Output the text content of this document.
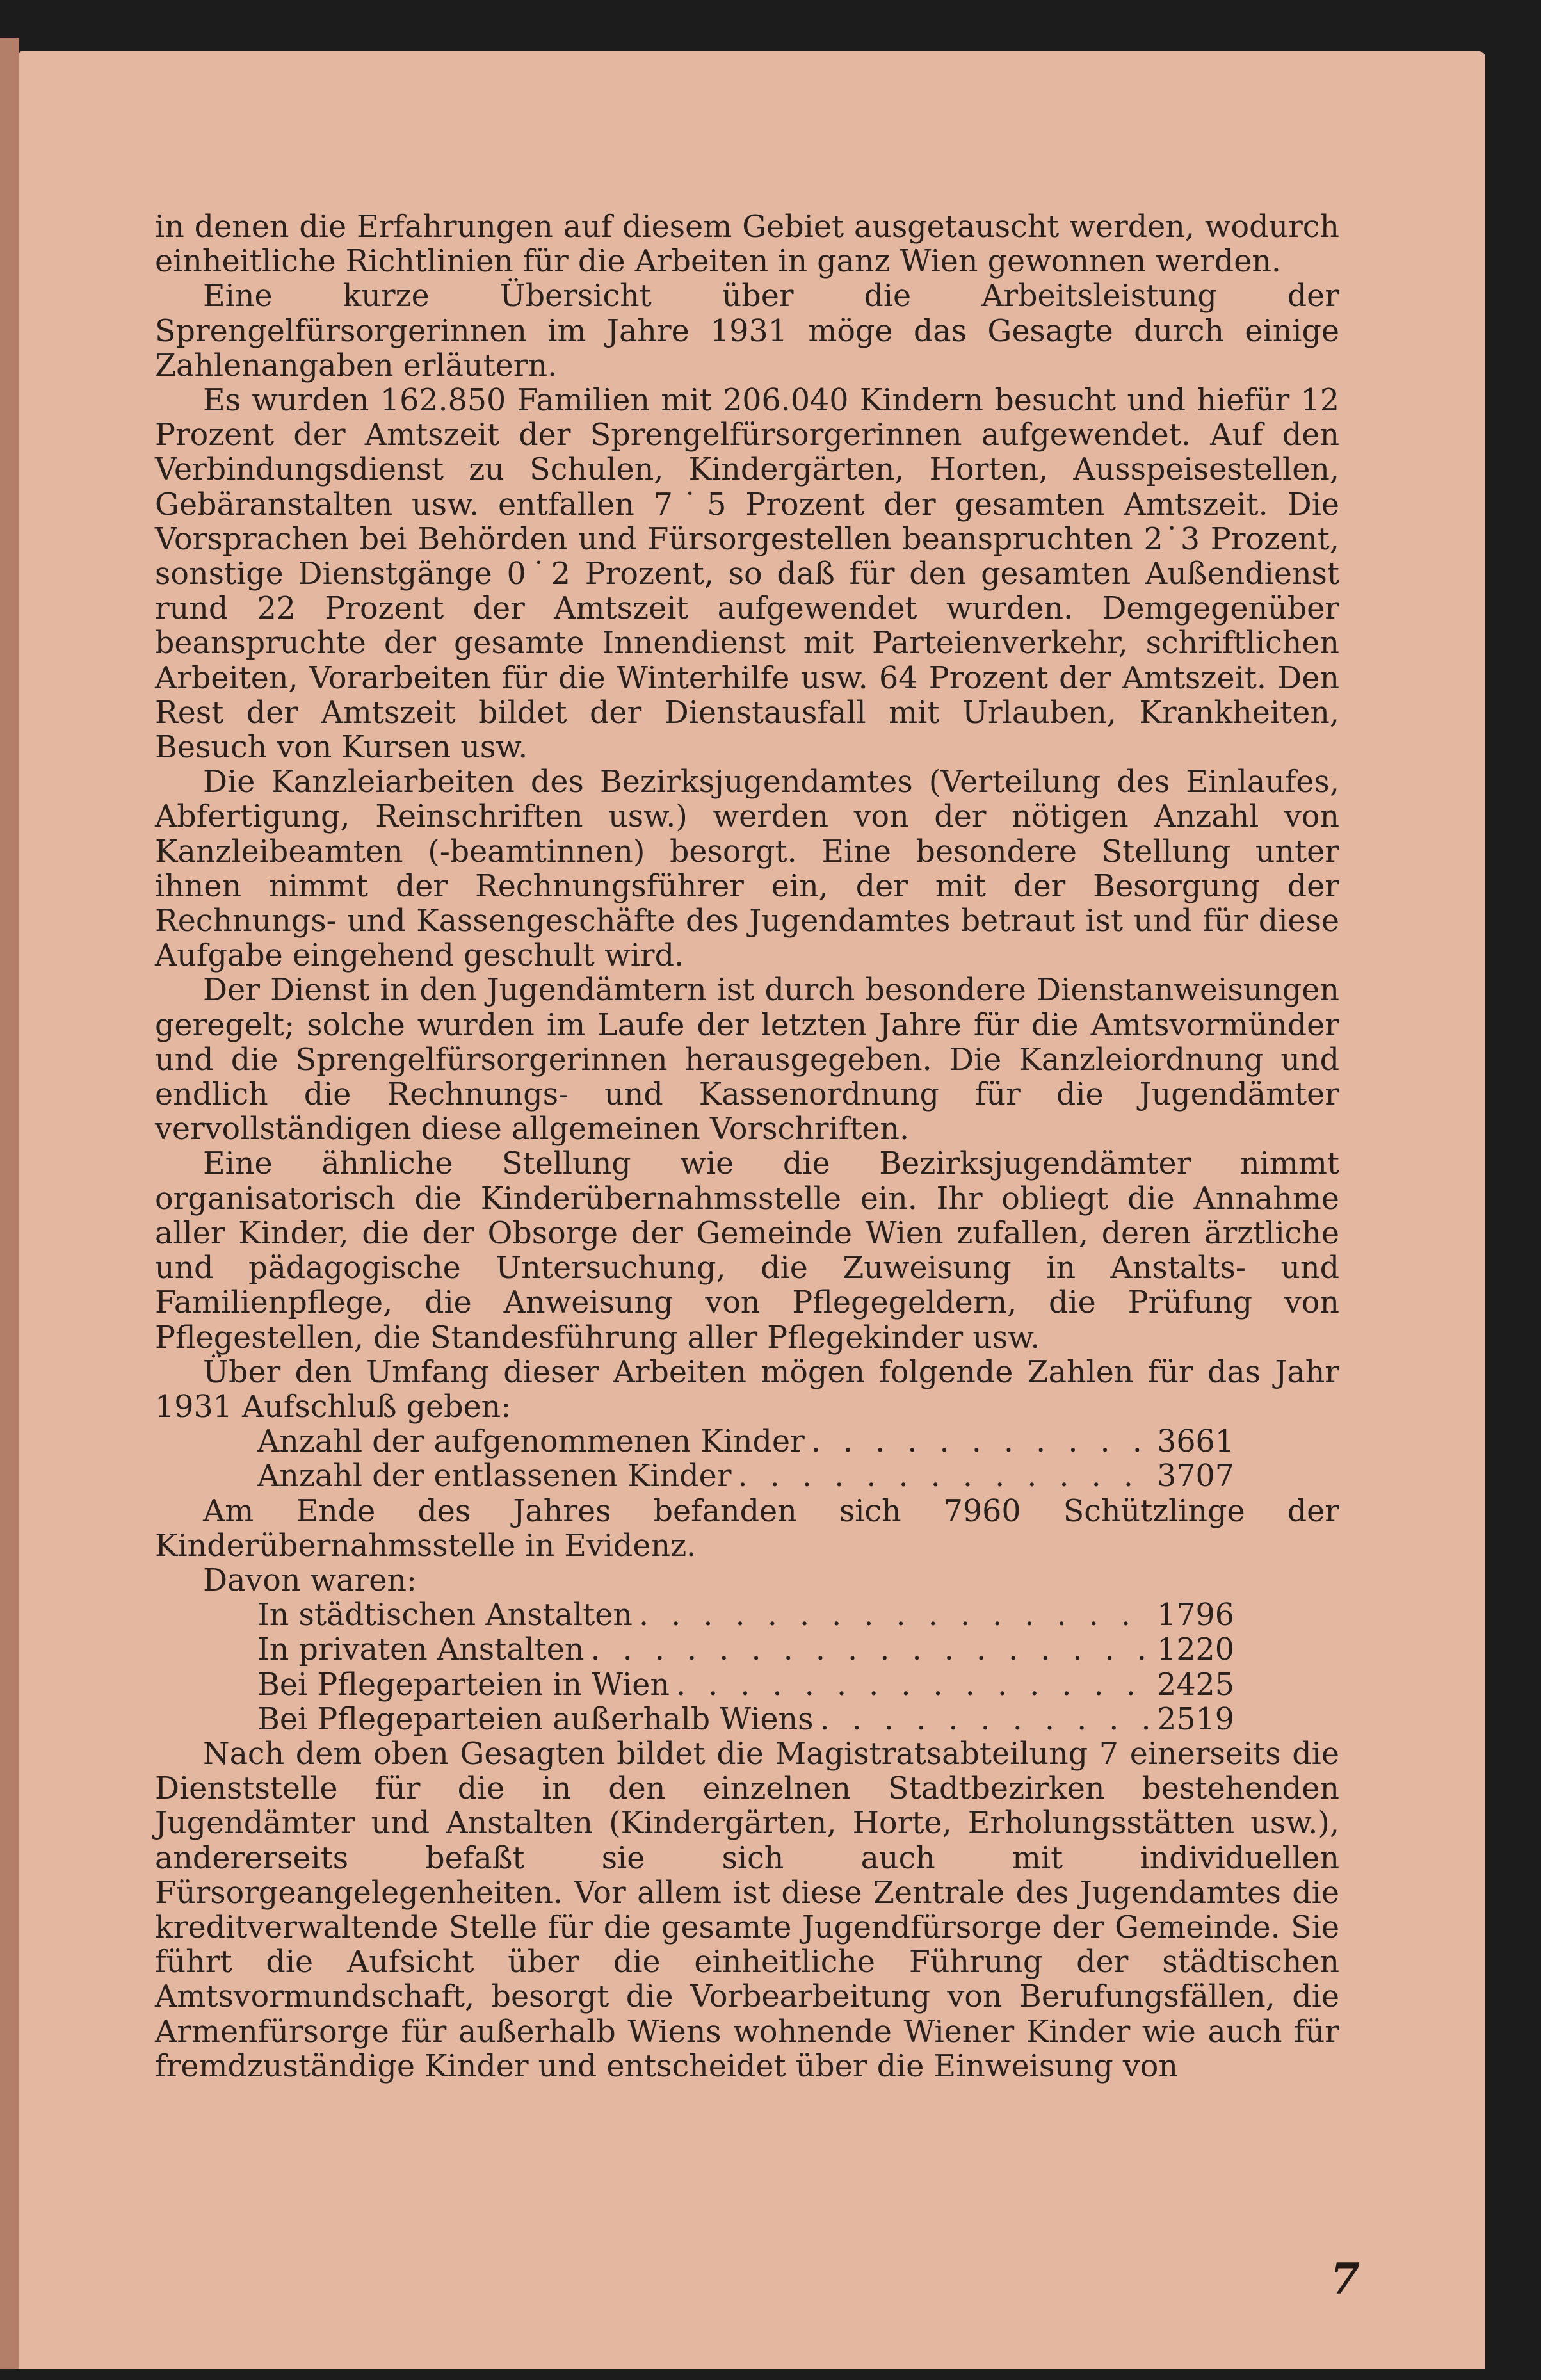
in denen die Erfahrungen auf diesem Gebiet ausgetauscht werden, wodurch einheitliche Richtlinien für die Arbeiten in ganz Wien gewonnen werden.

Eine kurze Übersicht über die Arbeitsleistung der Sprengelfürsorgerinnen im Jahre 1931 möge das Gesagte durch einige Zahlenangaben erläutern.

Es wurden 162.850 Familien mit 206.040 Kindern besucht und hiefür 12 Prozent der Amtszeit der Sprengelfürsorgerinnen aufgewendet. Auf den Verbindungsdienst zu Schulen, Kindergärten, Horten, Ausspeisestellen, Gebäranstalten usw. entfallen 7˙5 Prozent der gesamten Amtszeit. Die Vorsprachen bei Behörden und Fürsorgestellen beanspruchten 2˙3 Prozent, sonstige Dienstgänge 0˙2 Prozent, so daß für den gesamten Außendienst rund 22 Prozent der Amtszeit aufgewendet wurden. Demgegenüber beanspruchte der gesamte Innendienst mit Parteienverkehr, schriftlichen Arbeiten, Vorarbeiten für die Winterhilfe usw. 64 Prozent der Amtszeit. Den Rest der Amtszeit bildet der Dienstausfall mit Urlauben, Krankheiten, Besuch von Kursen usw.

Die Kanzleiarbeiten des Bezirksjugendamtes (Verteilung des Einlaufes, Abfertigung, Reinschriften usw.) werden von der nötigen Anzahl von Kanzleibeamten (-beamtinnen) besorgt. Eine besondere Stellung unter ihnen nimmt der Rechnungsführer ein, der mit der Besorgung der Rechnungs- und Kassengeschäfte des Jugendamtes betraut ist und für diese Aufgabe eingehend geschult wird.

Der Dienst in den Jugendämtern ist durch besondere Dienstanweisungen geregelt; solche wurden im Laufe der letzten Jahre für die Amtsvormünder und die Sprengelfürsorgerinnen herausgegeben. Die Kanzleiordnung und endlich die Rechnungs- und Kassenordnung für die Jugendämter vervollständigen diese allgemeinen Vorschriften.

Eine ähnliche Stellung wie die Bezirksjugendämter nimmt organisatorisch die Kinderübernahmsstelle ein. Ihr obliegt die Annahme aller Kinder, die der Obsorge der Gemeinde Wien zufallen, deren ärztliche und pädagogische Untersuchung, die Zuweisung in Anstalts- und Familienpflege, die Anweisung von Pflegegeldern, die Prüfung von Pflegestellen, die Standesführung aller Pflegekinder usw.

Über den Umfang dieser Arbeiten mögen folgende Zahlen für das Jahr 1931 Aufschluß geben:

Anzahl der aufgenommenen Kinder . . .	3661
Anzahl der entlassenen Kinder . . .	3707

Am Ende des Jahres befanden sich 7960 Schützlinge der Kinderübernahmsstelle in Evidenz.

Davon waren:

In städtischen Anstalten . . .	1796
In privaten Anstalten . . .	1220
Bei Pflegeparteien in Wien . . .	2425
Bei Pflegeparteien außerhalb Wiens . . .	2519

Nach dem oben Gesagten bildet die Magistratsabteilung 7 einerseits die Dienststelle für die in den einzelnen Stadtbezirken bestehenden Jugendämter und Anstalten (Kindergärten, Horte, Erholungsstätten usw.), andererseits befaßt sie sich auch mit individuellen Fürsorgeangelegenheiten. Vor allem ist diese Zentrale des Jugendamtes die kreditverwaltende Stelle für die gesamte Jugendfürsorge der Gemeinde. Sie führt die Aufsicht über die einheitliche Führung der städtischen Amtsvormundschaft, besorgt die Vorbearbeitung von Berufungsfällen, die Armenfürsorge für außerhalb Wiens wohnende Wiener Kinder wie auch für fremdzuständige Kinder und entscheidet über die Einweisung von

7
